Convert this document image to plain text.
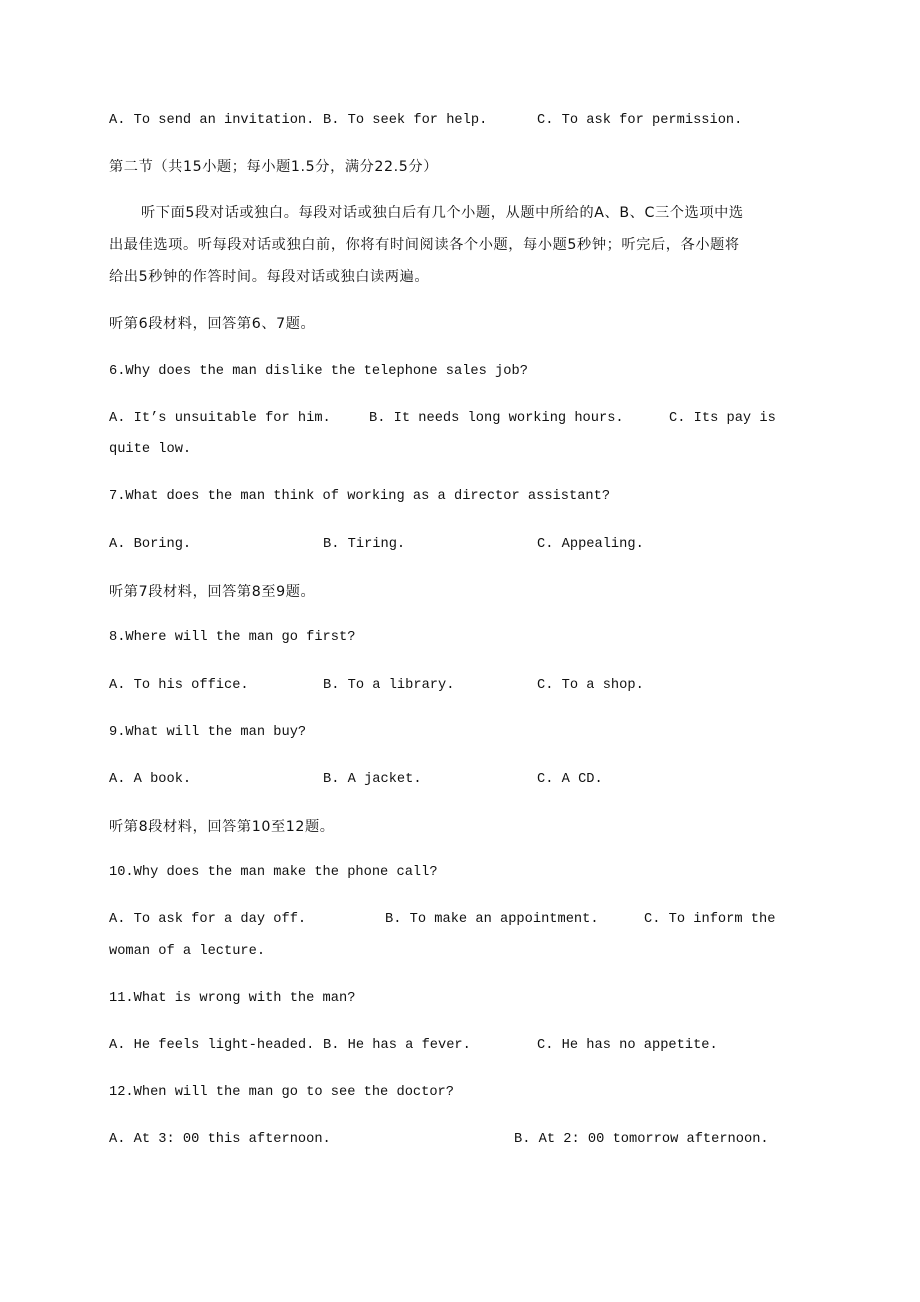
A. To send an invitation. B. To seek for help.	C. To ask for permission.
第二节（共15小题；每小题1.5分，满分22.5分）
听下面5段对话或独白。每段对话或独白后有几个小题，从题中所给的A、B、C三个选项中选
出最佳选项。听每段对话或独白前，你将有时间阅读各个小题，每小题5秒钟；听完后，各小题将
给出5秒钟的作答时间。每段对话或独白读两遍。
听第6段材料，回答第6、7题。
6.Why does the man dislike the telephone sales job?
A. It’s unsuitable for him.	B. It needs long working hours.	C. Its pay is
quite low.
7.What does the man think of working as a director assistant?
A. Boring.	B. Tiring.	C. Appealing.
听第7段材料，回答第8至9题。
8.Where will the man go first?
A. To his office.	B. To a library.	C. To a shop.
9.What will the man buy?
A. A book.	B. A jacket.	C. A CD.
听第8段材料，回答第10至12题。
10.Why does the man make the phone call?
A. To ask for a day off.	B. To make an appointment.	C. To inform the
woman of a lecture.
11.What is wrong with the man?
A. He feels light-headed. B. He has a fever.	C. He has no appetite.
12.When will the man go to see the doctor?
A. At 3: 00 this afternoon.	B. At 2: 00 tomorrow afternoon.
